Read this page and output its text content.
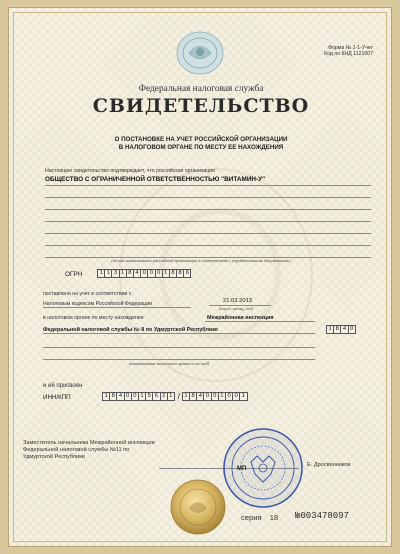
Форма № 1-1-Учет
Код по КНД 1121007
Федеральная налоговая служба
СВИДЕТЕЛЬСТВО
О ПОСТАНОВКЕ НА УЧЕТ РОССИЙСКОЙ ОРГАНИЗАЦИИ
В НАЛОГОВОМ ОРГАНЕ ПО МЕСТУ ЕЕ НАХОЖДЕНИЯ
Настоящее свидетельство подтверждает, что российская организация
ОБЩЕСТВО С ОГРАНИЧЕННОЙ ОТВЕТСТВЕННОСТЬЮ "ВИТАМИН-У"
(полное наименование российской организации в соответствии с учредительными документами)
ОГРН	1 1 3 1 8 4 0 0 0 1 8 8 6
поставлена на учет в соответствии с
Налоговым кодексом Российской Федерации	21.03.2013
(число, месяц, год)
в налоговом органе по месту нахождения	Межрайонная инспекция
Федеральной налоговой службы № 8 по Удмуртской Республике	1 8 4 0
(наименование налогового органа и его код)
и ей присвоен
ИНН/КПП	1 8 4 0 0 1 5 6 2 1 / 1 8 4 0 0 1 0 0 1
Заместитель начальника Межрайонной инспекции
Федеральной налоговой службы №11 по
Удмуртской Республики
Е. Дросвянников
МП
серия 18 №003478097
